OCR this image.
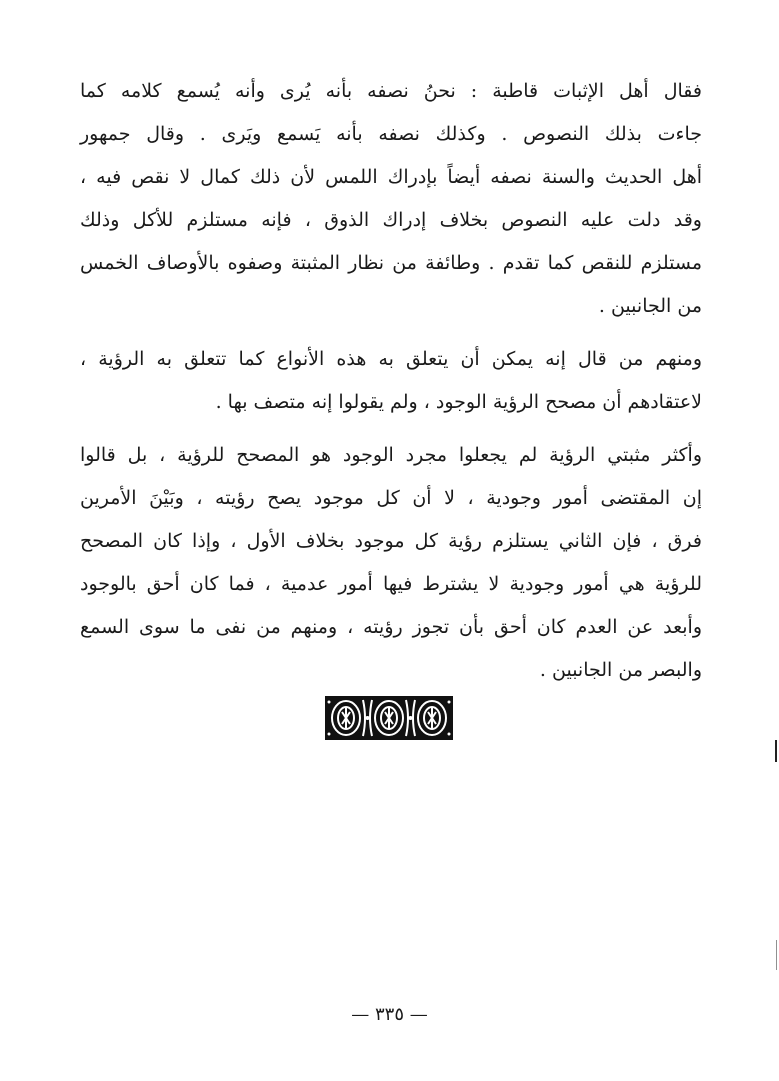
فقال أهل الإثبات قاطبة : نحنُ نصفه بأنه يُرى وأنه يُسمع كلامه كما
جاءت بذلك النصوص . وكذلك نصفه بأنه يَسمع ويَرى . وقال جمهور
أهل الحديث والسنة نصفه أيضاً بإدراك اللمس لأن ذلك كمال لا نقص فيه ،
وقد دلت عليه النصوص بخلاف إدراك الذوق ، فإنه مستلزم للأكل وذلك
مستلزم للنقص كما تقدم . وطائفة من نظار المثبتة وصفوه بالأوصاف الخمس
من الجانبين .
ومنهم من قال إنه يمكن أن يتعلق به هذه الأنواع كما تتعلق به الرؤية ،
لاعتقادهم أن مصحح الرؤية الوجود ، ولم يقولوا إنه متصف بها .
وأكثر مثبتي الرؤية لم يجعلوا مجرد الوجود هو المصحح للرؤية ، بل قالوا
إن المقتضى أمور وجودية ، لا أن كل موجود يصح رؤيته ، وبَيْنَ الأمرين
فرق ، فإن الثاني يستلزم رؤية كل موجود بخلاف الأول ، وإذا كان المصحح
للرؤية هي أمور وجودية لا يشترط فيها أمور عدمية ، فما كان أحق بالوجود
وأبعد عن العدم كان أحق بأن تجوز رؤيته ، ومنهم من نفى ما سوى السمع
والبصر من الجانبين .
— ٣٣٥ —
